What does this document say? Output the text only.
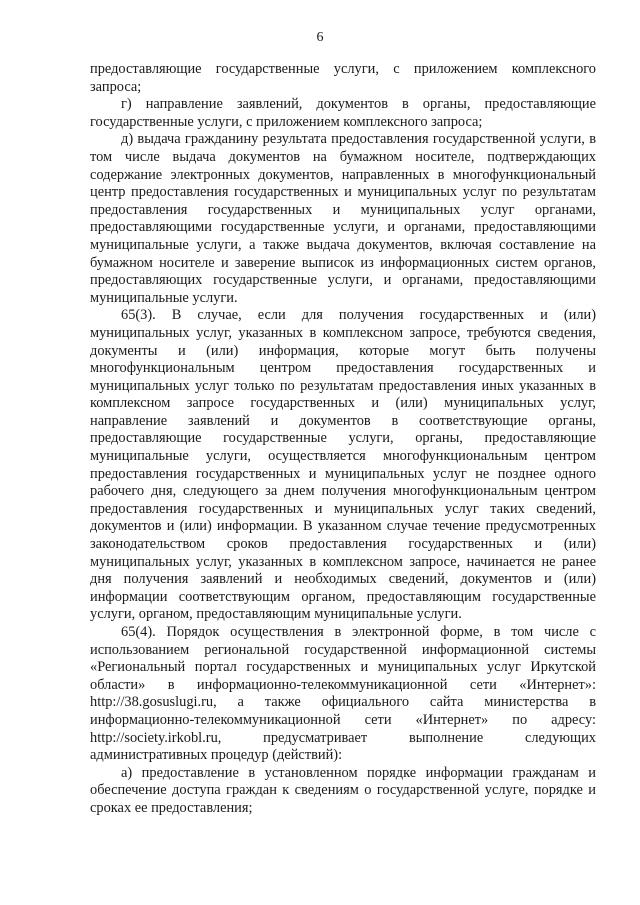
6

предоставляющие государственные услуги, с приложением комплексного запроса;

г) направление заявлений, документов в органы, предоставляющие государственные услуги, с приложением комплексного запроса;

д) выдача гражданину результата предоставления государственной услуги, в том числе выдача документов на бумажном носителе, подтверждающих содержание электронных документов, направленных в многофункциональный центр предоставления государственных и муниципальных услуг по результатам предоставления государственных и муниципальных услуг органами, предоставляющими государственные услуги, и органами, предоставляющими муниципальные услуги, а также выдача документов, включая составление на бумажном носителе и заверение выписок из информационных систем органов, предоставляющих государственные услуги, и органами, предоставляющими муниципальные услуги.

65(3). В случае, если для получения государственных и (или) муниципальных услуг, указанных в комплексном запросе, требуются сведения, документы и (или) информация, которые могут быть получены многофункциональным центром предоставления государственных и муниципальных услуг только по результатам предоставления иных указанных в комплексном запросе государственных и (или) муниципальных услуг, направление заявлений и документов в соответствующие органы, предоставляющие государственные услуги, органы, предоставляющие муниципальные услуги, осуществляется многофункциональным центром предоставления государственных и муниципальных услуг не позднее одного рабочего дня, следующего за днем получения многофункциональным центром предоставления государственных и муниципальных услуг таких сведений, документов и (или) информации. В указанном случае течение предусмотренных законодательством сроков предоставления государственных и (или) муниципальных услуг, указанных в комплексном запросе, начинается не ранее дня получения заявлений и необходимых сведений, документов и (или) информации соответствующим органом, предоставляющим государственные услуги, органом, предоставляющим муниципальные услуги.

65(4). Порядок осуществления в электронной форме, в том числе с использованием региональной государственной информационной системы «Региональный портал государственных и муниципальных услуг Иркутской области» в информационно-телекоммуникационной сети «Интернет»: http://38.gosuslugi.ru, а также официального сайта министерства в информационно-телекоммуникационной сети «Интернет» по адресу: http://society.irkobl.ru, предусматривает выполнение следующих административных процедур (действий):

а) предоставление в установленном порядке информации гражданам и обеспечение доступа граждан к сведениям о государственной услуге, порядке и сроках ее предоставления;
